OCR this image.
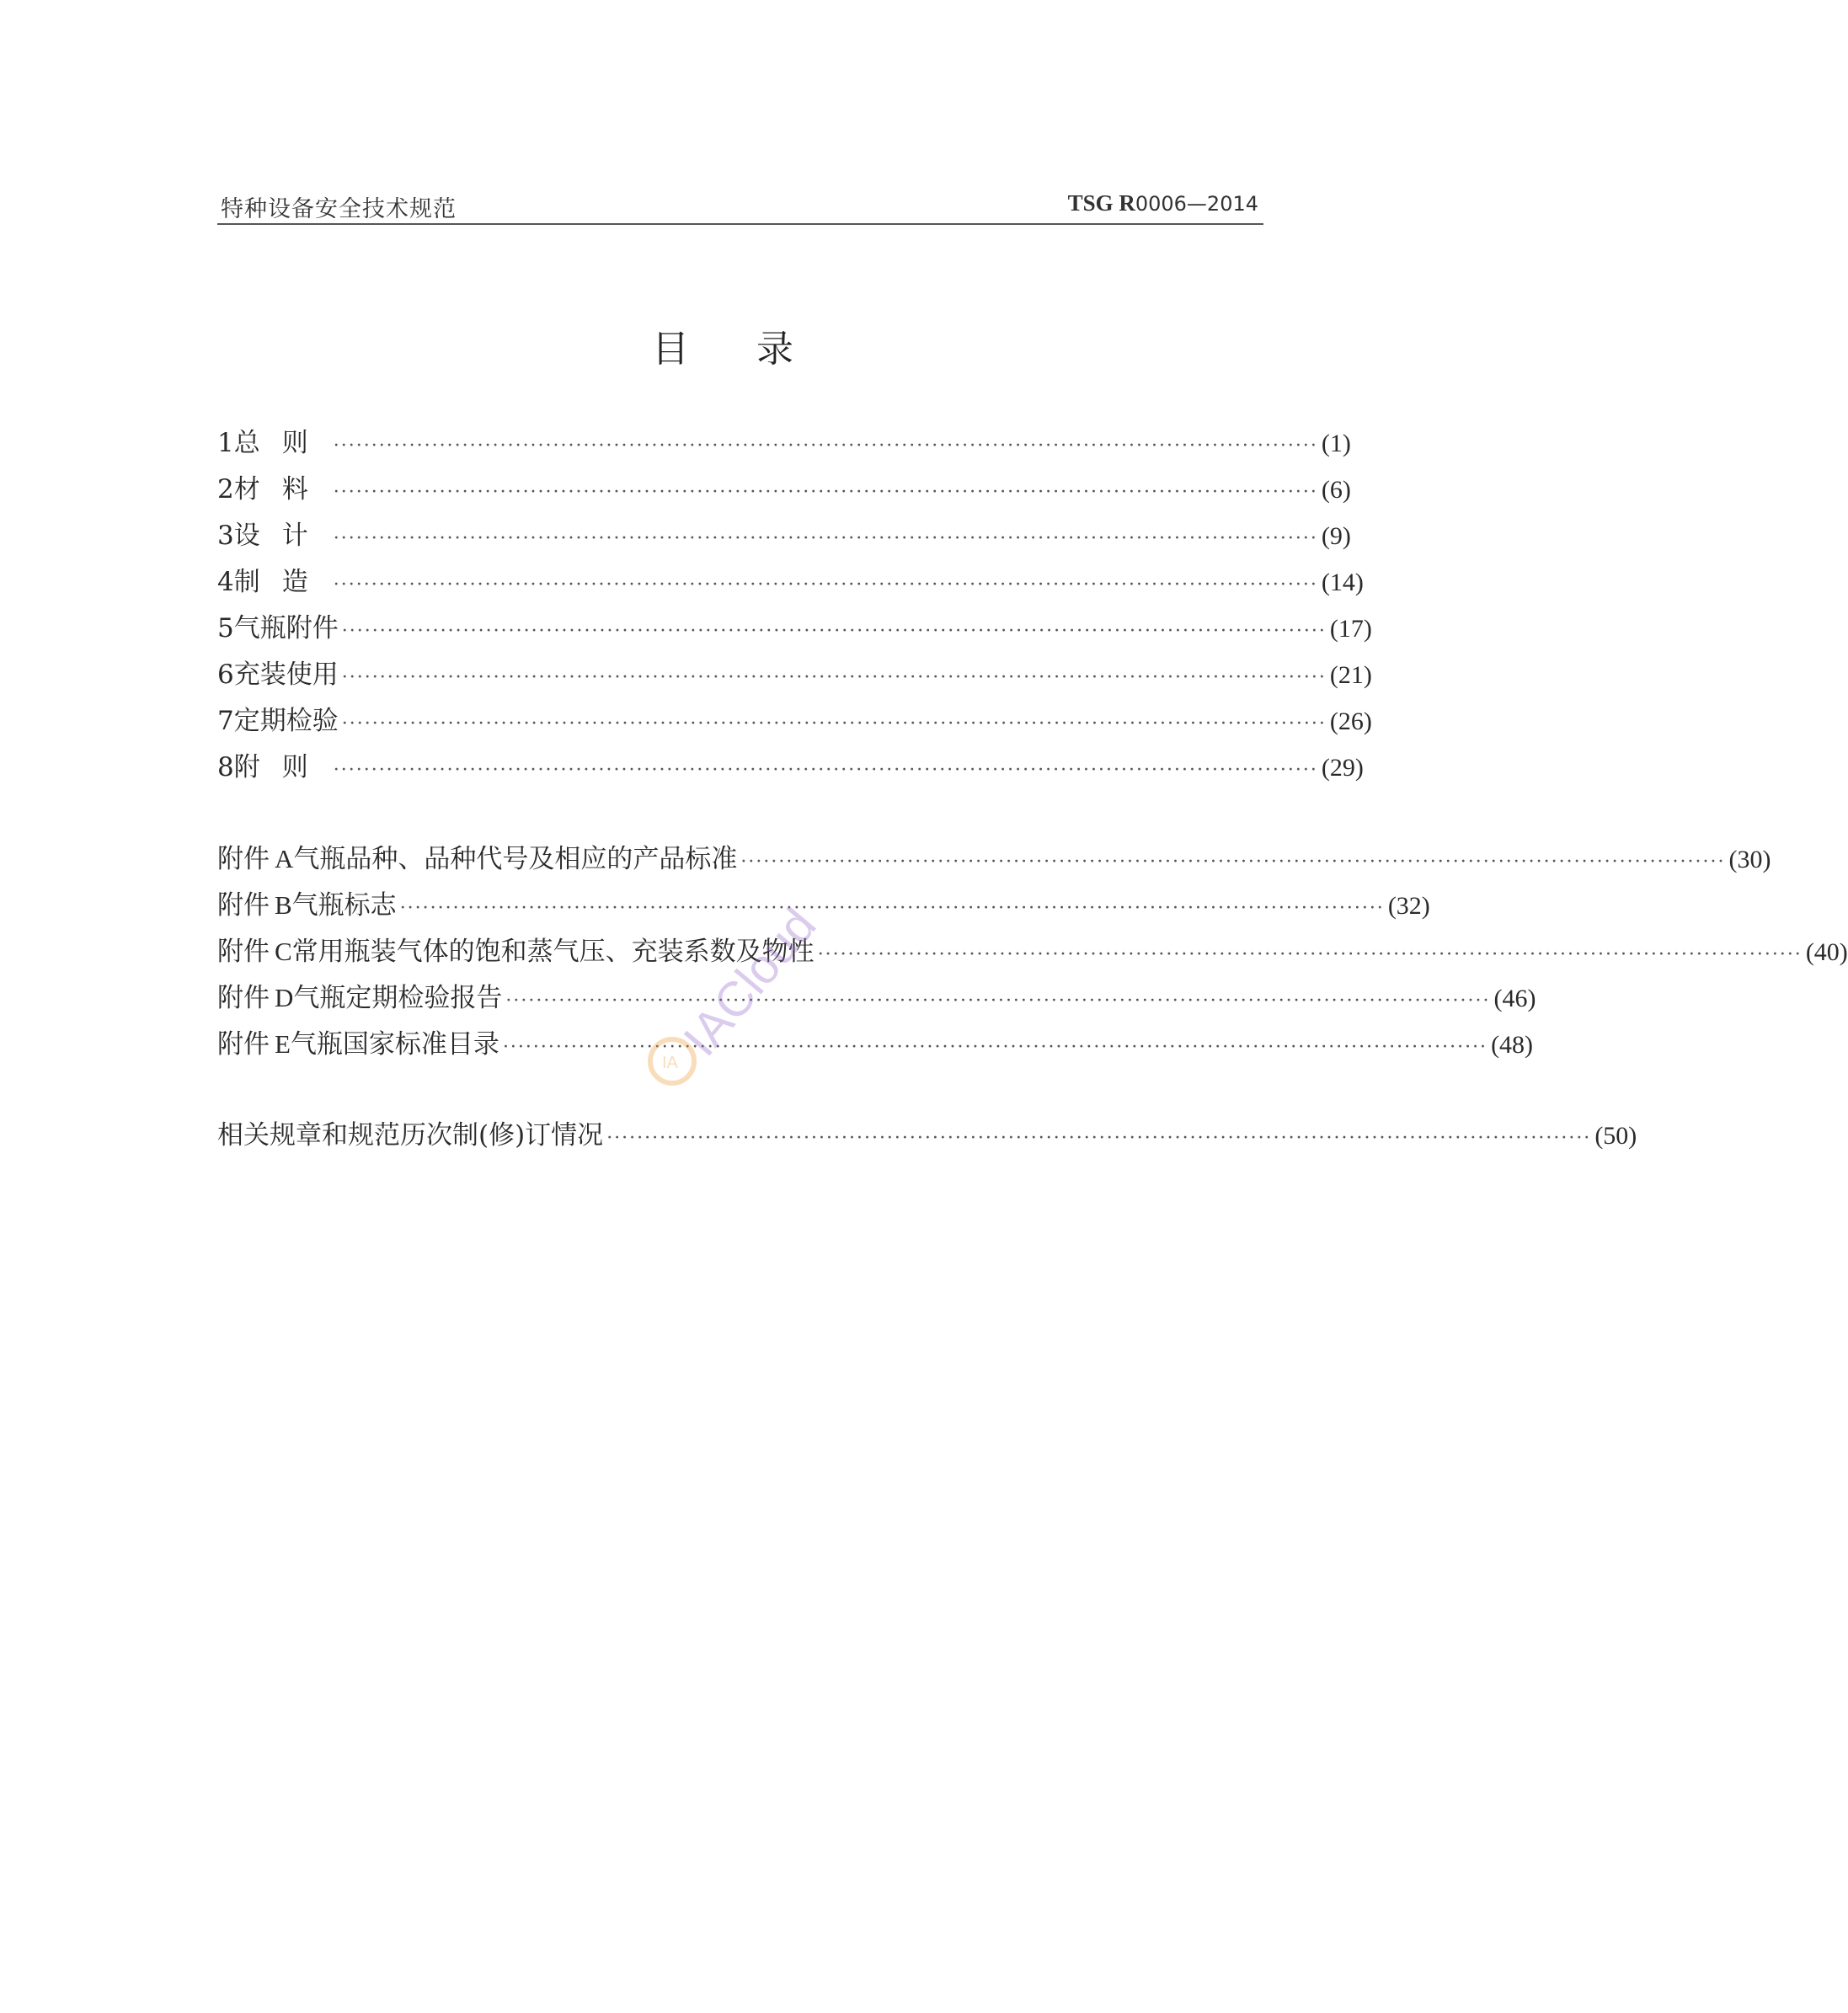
特种设备安全技术规范	TSG R0006—2014
目录
1 总则 ·································································································································· (1)
2 材料 ·································································································································· (6)
3 设计 ·································································································································· (9)
4 制造 ·································································································································· (14)
5 气瓶附件 ·································································································································· (17)
6 充装使用 ·································································································································· (21)
7 定期检验 ·································································································································· (26)
8 附则 ·································································································································· (29)
附件 A 气瓶品种、品种代号及相应的产品标准 ·································································································································· (30)
附件 B 气瓶标志 ·································································································································· (32)
附件 C 常用瓶装气体的饱和蒸气压、充装系数及物性 ·································································································································· (40)
附件 D 气瓶定期检验报告 ·································································································································· (46)
附件 E 气瓶国家标准目录 ·································································································································· (48)
相关规章和规范历次制(修)订情况 ·································································································································· (50)
IA
IACloud
